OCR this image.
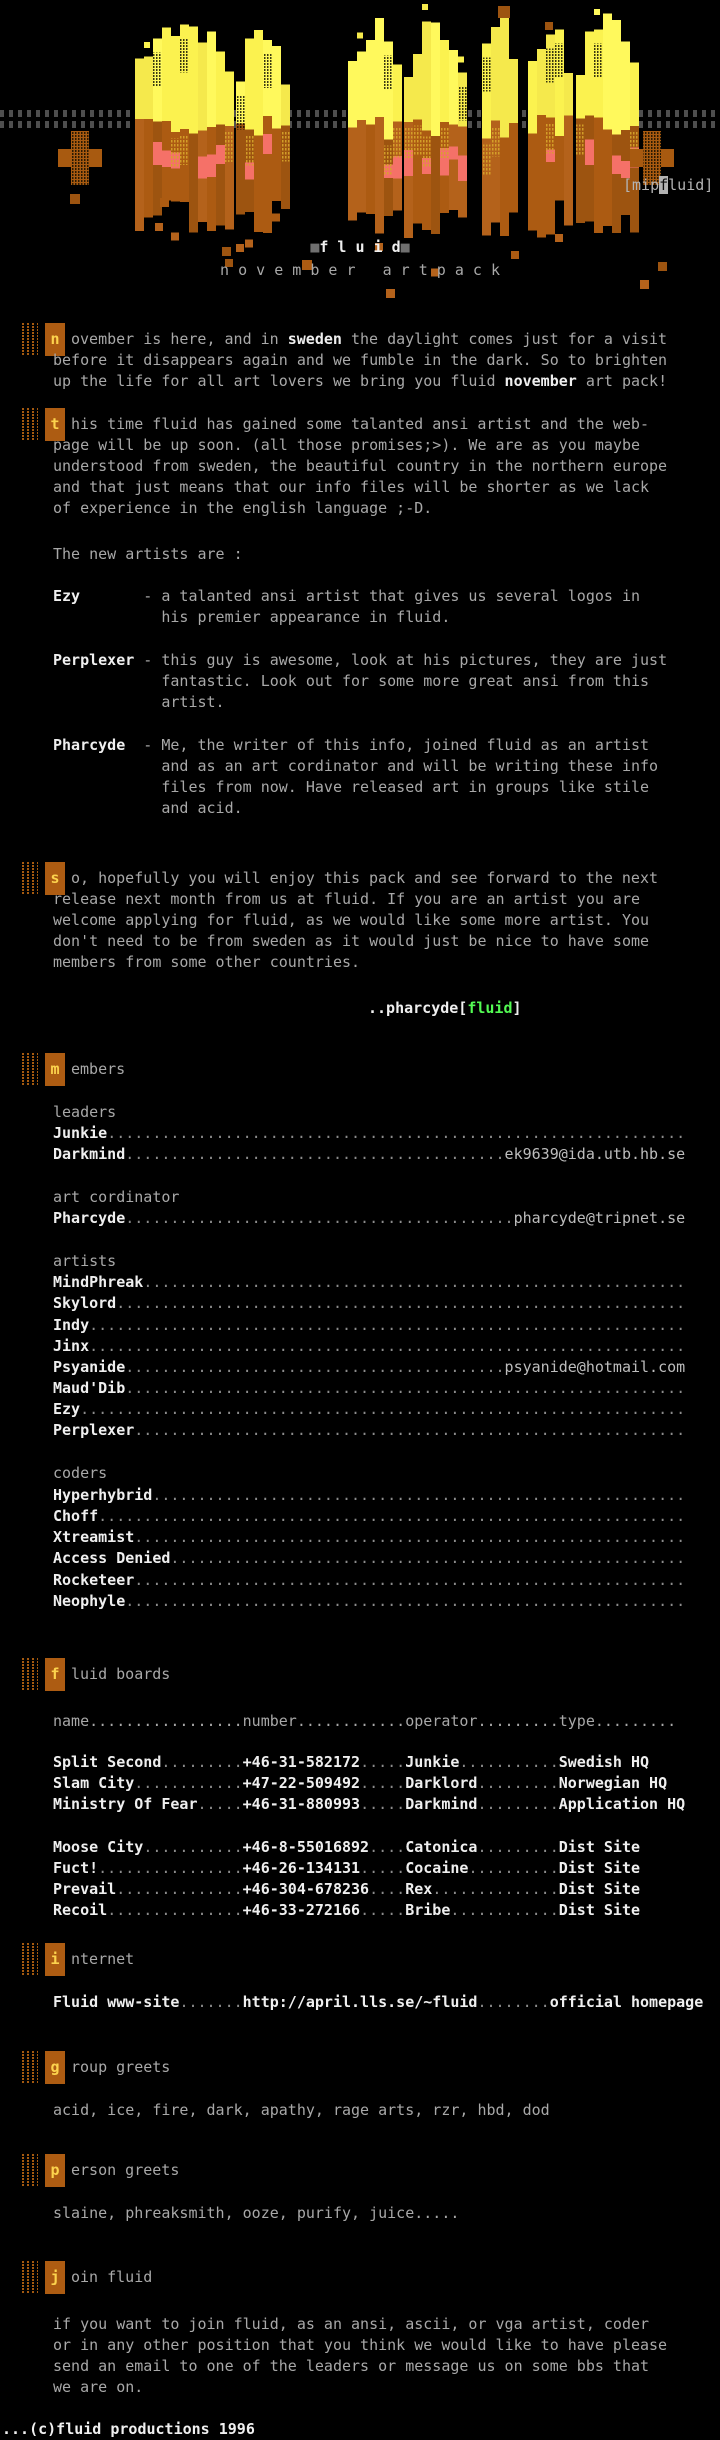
[mipfluid]
■f l u i d■
n o v e m b e r   a r t p a c k
n ovember is here, and in sweden the daylight comes just for a visit
before it disappears again and we fumble in the dark. So to brighten
up the life for all art lovers we bring you fluid november art pack!
t his time fluid has gained some talanted ansi artist and the web-
page will be up soon. (all those promises;>). We are as you maybe
understood from sweden, the beautiful country in the northern europe
and that just means that our info files will be shorter as we lack
of experience in the english language ;-D.
The new artists are :
Ezy       - a talanted ansi artist that gives us several logos in
his premier appearance in fluid.
Perplexer - this guy is awesome, look at his pictures, they are just
fantastic. Look out for some more great ansi from this
artist.
Pharcyde  - Me, the writer of this info, joined fluid as an artist
and as an art cordinator and will be writing these info
files from now. Have released art in groups like stile
and acid.
s o, hopefully you will enjoy this pack and see forward to the next
release next month from us at fluid. If you are an artist you are
welcome applying for fluid, as we would like some more artist. You
don't need to be from sweden as it would just be nice to have some
members from some other countries.
..pharcyde[fluid]
m embers
f luid boards
i nternet
g roup greets
acid, ice, fire, dark, apathy, rage arts, rzr, hbd, dod
p erson greets
slaine, phreaksmith, ooze, purify, juice.....
j oin fluid
if you want to join fluid, as an ansi, ascii, or vga artist, coder
or in any other position that you think we would like to have please
send an email to one of the leaders or message us on some bbs that
we are on.
leaders
Junkie................................................................
Darkmind..........................................ek9639@ida.utb.hb.se
art cordinator
Pharcyde...........................................pharcyde@tripnet.se
artists
MindPhreak............................................................
Skylord...............................................................
Indy..................................................................
Jinx..................................................................
Psyanide..........................................psyanide@hotmail.com
Maud'Dib..............................................................
Ezy...................................................................
Perplexer.............................................................
coders
Hyperhybrid...........................................................
Choff.................................................................
Xtreamist.............................................................
Access Denied.........................................................
Rocketeer.............................................................
Neophyle..............................................................
name.................number............operator.........type.........
Split Second.........+46-31-582172.....Junkie...........Swedish HQ
Slam City............+47-22-509492.....Darklord.........Norwegian HQ
Ministry Of Fear.....+46-31-880993.....Darkmind.........Application HQ
Moose City...........+46-8-55016892....Catonica.........Dist Site
Fuct!................+46-26-134131.....Cocaine..........Dist Site
Prevail..............+46-304-678236....Rex..............Dist Site
Recoil...............+46-33-272166.....Bribe............Dist Site
Fluid www-site.......http://april.lls.se/~fluid........official homepage
...(c)fluid productions 1996
